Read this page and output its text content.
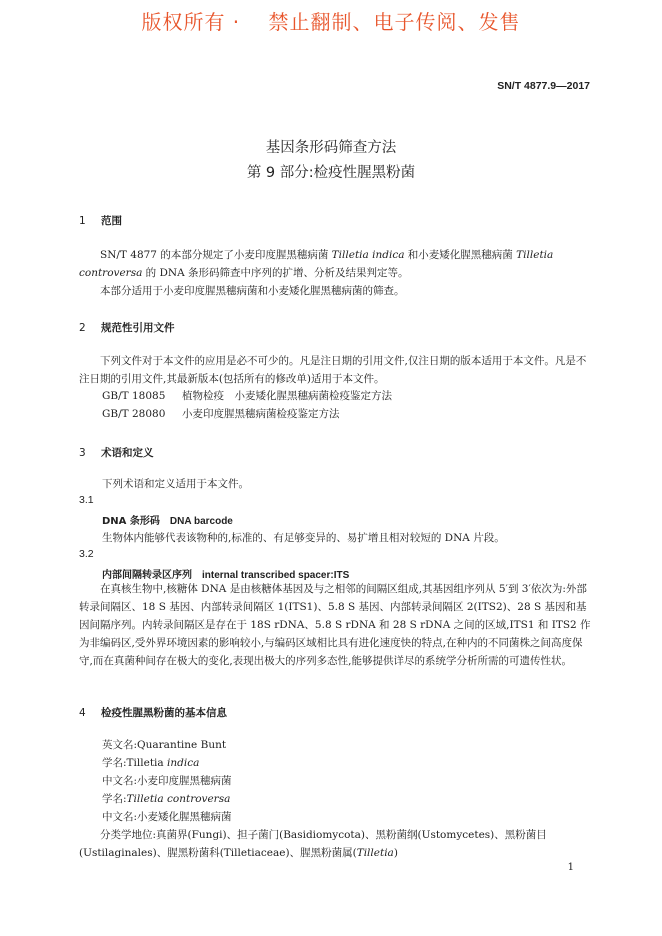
版权所有 ·　 禁止翻制、电子传阅、发售
SN/T 4877.9—2017
基因条形码筛查方法
第 9 部分:检疫性腥黑粉菌
1 范围
SN/T 4877 的本部分规定了小麦印度腥黑穗病菌 Tilletia indica 和小麦矮化腥黑穗病菌 Tilletia controversa 的 DNA 条形码筛查中序列的扩增、分析及结果判定等。
本部分适用于小麦印度腥黑穗病菌和小麦矮化腥黑穗病菌的筛查。
2 规范性引用文件
下列文件对于本文件的应用是必不可少的。凡是注日期的引用文件,仅注日期的版本适用于本文件。凡是不注日期的引用文件,其最新版本(包括所有的修改单)适用于本文件。
GB/T 18085 植物检疫　小麦矮化腥黑穗病菌检疫鉴定方法
GB/T 28080 小麦印度腥黑穗病菌检疫鉴定方法
3 术语和定义
下列术语和定义适用于本文件。
3.1
DNA 条形码 DNA barcode
生物体内能够代表该物种的,标准的、有足够变异的、易扩增且相对较短的 DNA 片段。
3.2
内部间隔转录区序列 internal transcribed spacer:ITS
在真核生物中,核糖体 DNA 是由核糖体基因及与之相邻的间隔区组成,其基因组序列从 5′到 3′依次为:外部转录间隔区、18 S 基因、内部转录间隔区 1(ITS1)、5.8 S 基因、内部转录间隔区 2(ITS2)、28 S 基因和基因间隔序列。内转录间隔区是存在于 18S rDNA、5.8 S rDNA 和 28 S rDNA 之间的区域,ITS1 和 ITS2 作为非编码区,受外界环境因素的影响较小,与编码区域相比具有进化速度快的特点,在种内的不同菌株之间高度保守,而在真菌种间存在极大的变化,表现出极大的序列多态性,能够提供详尽的系统学分析所需的可遗传性状。
4 检疫性腥黑粉菌的基本信息
英文名:Quarantine Bunt
学名:Tilletia indica
中文名:小麦印度腥黑穗病菌
学名:Tilletia controversa
中文名:小麦矮化腥黑穗病菌
分类学地位:真菌界(Fungi)、担子菌门(Basidiomycota)、黑粉菌纲(Ustomycetes)、黑粉菌目(Ustilaginales)、腥黑粉菌科(Tilletiaceae)、腥黑粉菌属(Tilletia)
1
